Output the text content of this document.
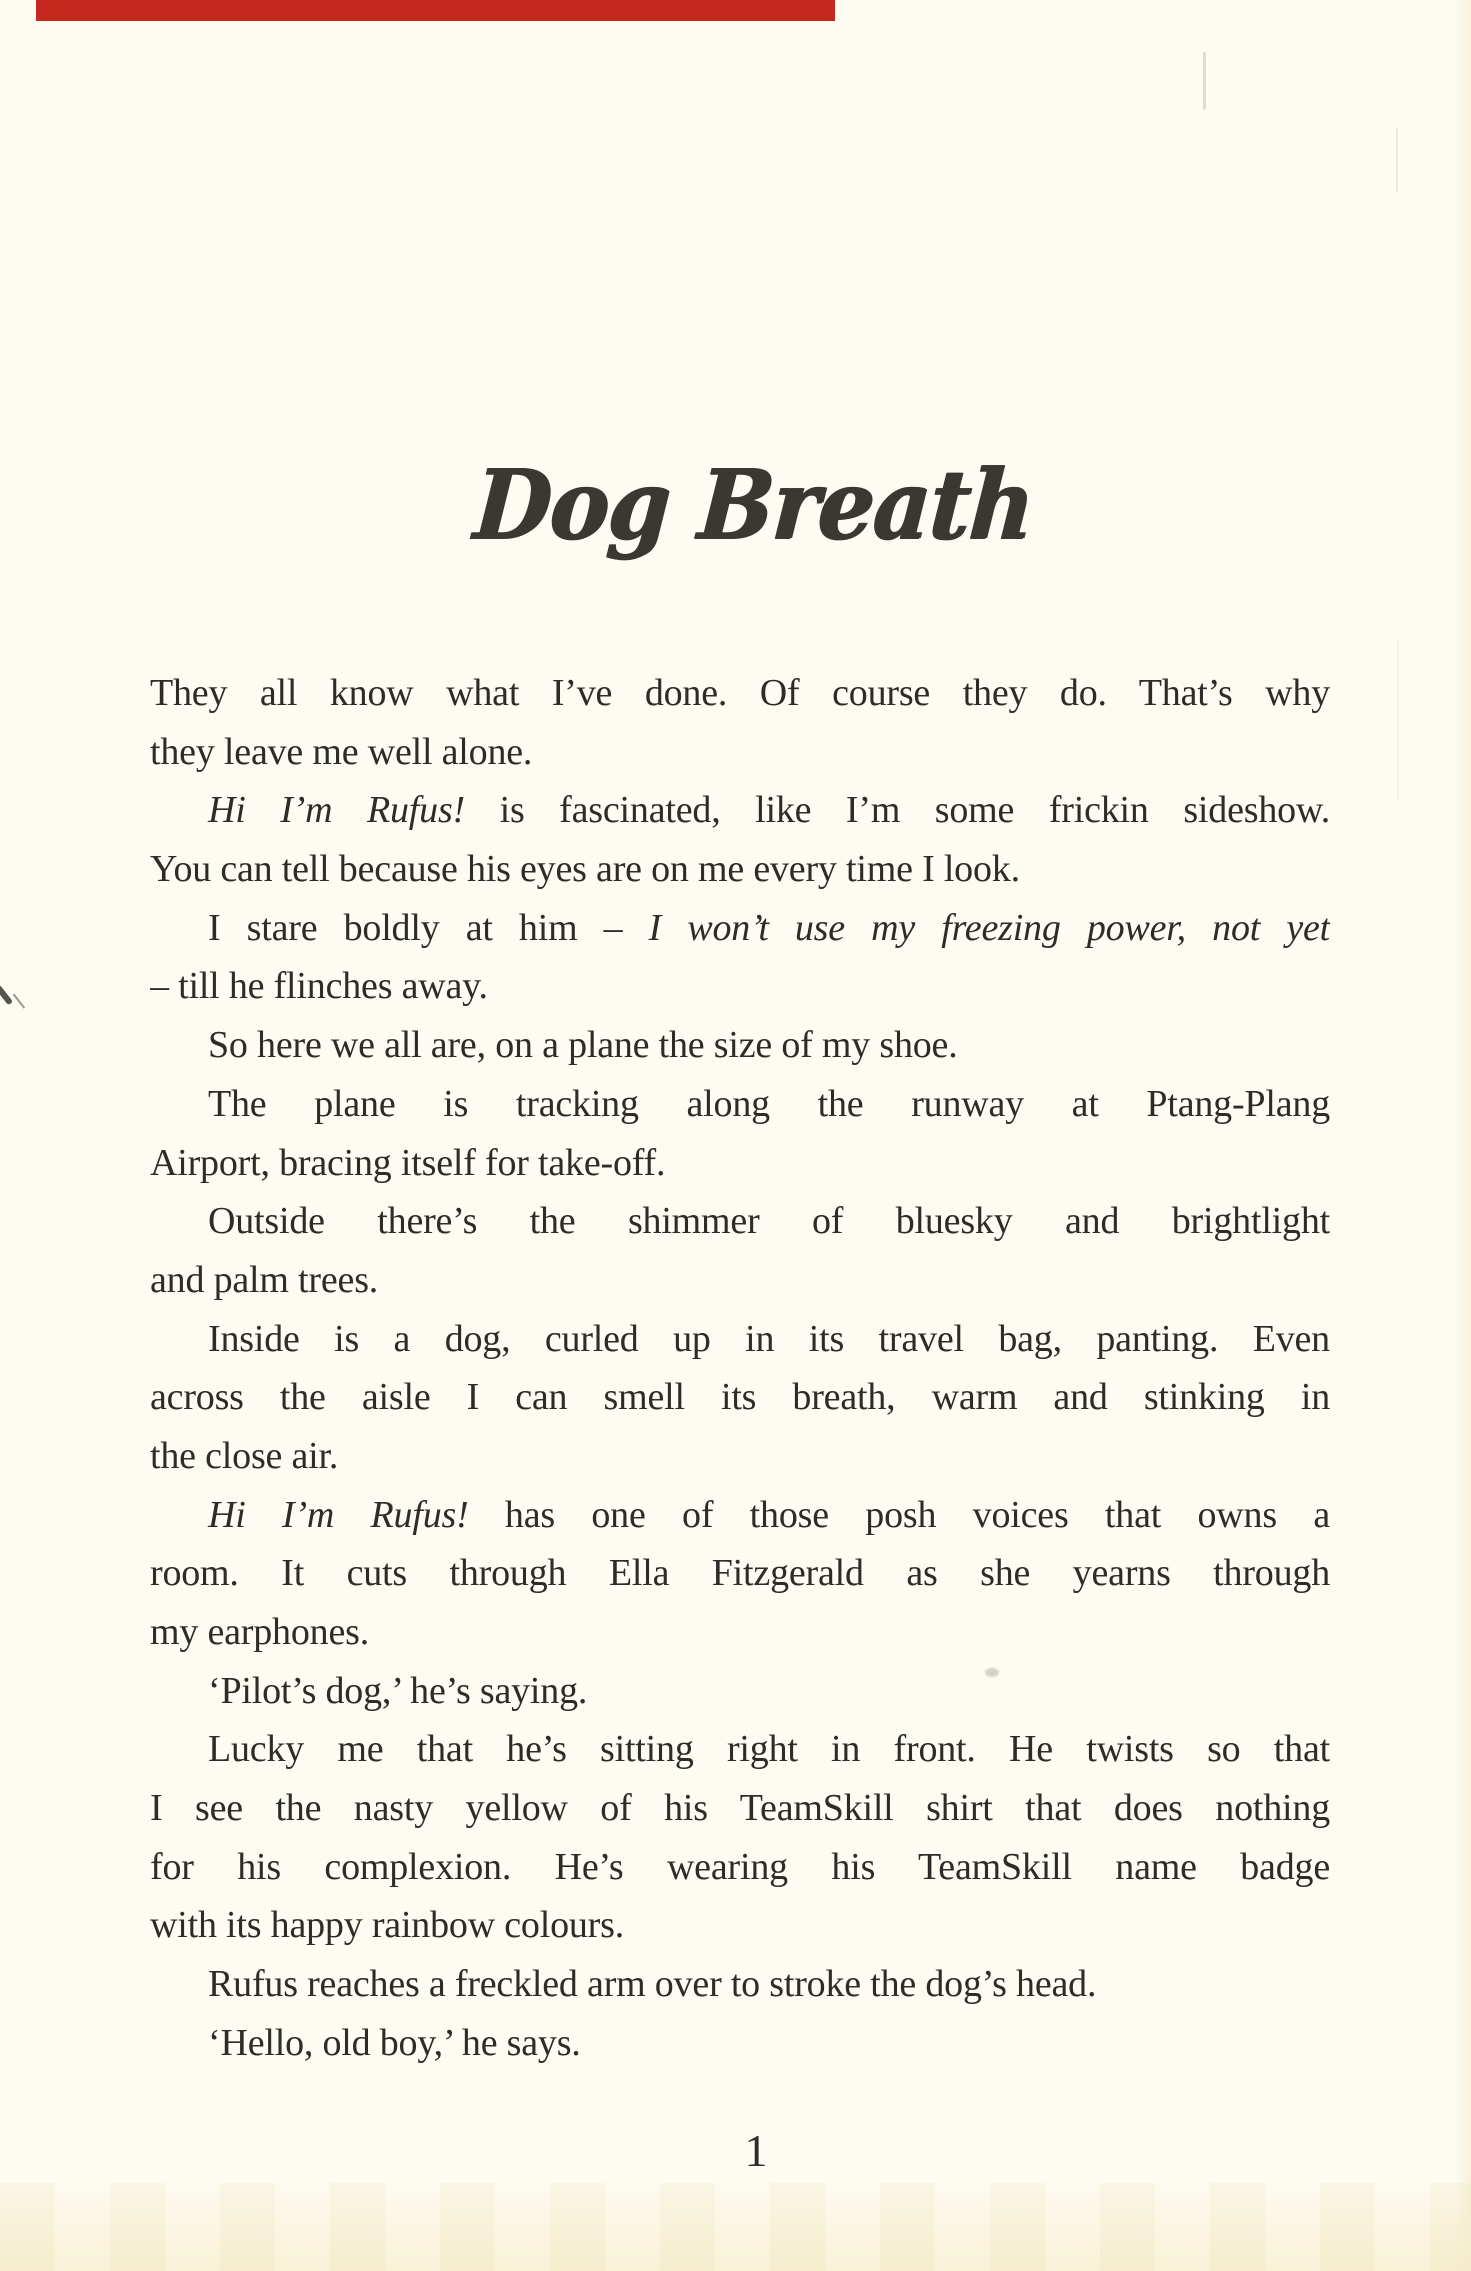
Dog Breath
They all know what I’ve done. Of course they do. That’s why
they leave me well alone.
Hi I’m Rufus! is fascinated, like I’m some frickin sideshow.
You can tell because his eyes are on me every time I look.
I stare boldly at him – I won’t use my freezing power, not yet
– till he flinches away.
So here we all are, on a plane the size of my shoe.
The plane is tracking along the runway at Ptang-Plang
Airport, bracing itself for take-off.
Outside there’s the shimmer of bluesky and brightlight
and palm trees.
Inside is a dog, curled up in its travel bag, panting. Even
across the aisle I can smell its breath, warm and stinking in
the close air.
Hi I’m Rufus! has one of those posh voices that owns a
room. It cuts through Ella Fitzgerald as she yearns through
my earphones.
‘Pilot’s dog,’ he’s saying.
Lucky me that he’s sitting right in front. He twists so that
I see the nasty yellow of his TeamSkill shirt that does nothing
for his complexion. He’s wearing his TeamSkill name badge
with its happy rainbow colours.
Rufus reaches a freckled arm over to stroke the dog’s head.
‘Hello, old boy,’ he says.
1
